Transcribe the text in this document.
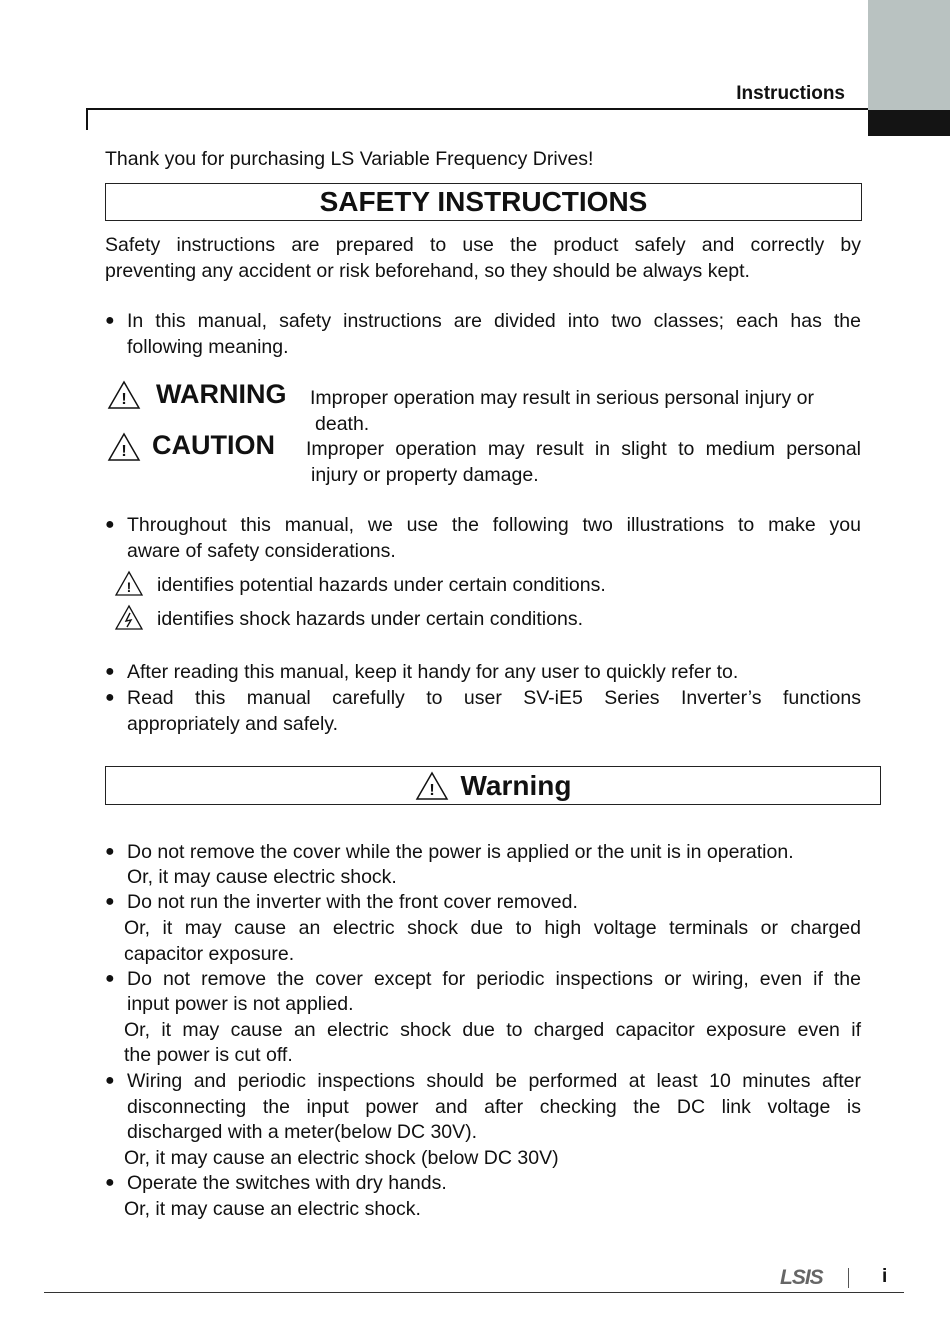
Instructions
Thank you for purchasing LS Variable Frequency Drives!
SAFETY INSTRUCTIONS
Safety instructions are prepared to use the product safely and correctly by
preventing any accident or risk beforehand, so they should be always kept.
● In this manual, safety instructions are divided into two classes; each has the
following meaning.
! WARNING Improper operation may result in serious personal injury or
death.
! CAUTION Improper operation may result in slight to medium personal
injury or property damage.
● Throughout this manual, we use the following two illustrations to make you
aware of safety considerations.
! identifies potential hazards under certain conditions.
identifies shock hazards under certain conditions.
● After reading this manual, keep it handy for any user to quickly refer to.
● Read this manual carefully to user SV-iE5 Series Inverter’s functions
appropriately and safely.
! Warning
● Do not remove the cover while the power is applied or the unit is in operation.
Or, it may cause electric shock.
● Do not run the inverter with the front cover removed.
Or, it may cause an electric shock due to high voltage terminals or charged
capacitor exposure.
● Do not remove the cover except for periodic inspections or wiring, even if the
input power is not applied.
Or, it may cause an electric shock due to charged capacitor exposure even if
the power is cut off.
● Wiring and periodic inspections should be performed at least 10 minutes after
disconnecting the input power and after checking the DC link voltage is
discharged with a meter(below DC 30V).
Or, it may cause an electric shock (below DC 30V)
● Operate the switches with dry hands.
Or, it may cause an electric shock.
LSIS	i
